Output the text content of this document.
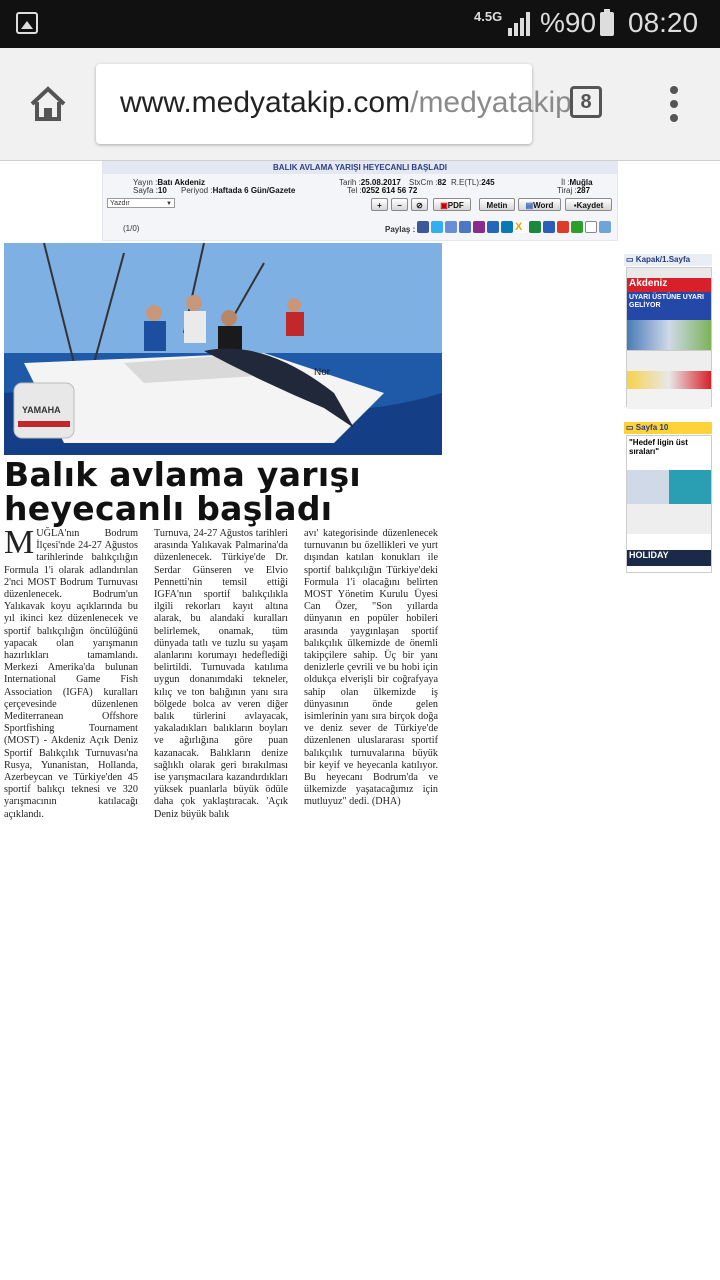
4.5G %90 08:20
www.medyatakip.com/medyatakip 8
BALIK AVLAMA YARIŞI HEYECANLI BAŞLADI
Yayın :Batı Akdeniz
Sayfa :10 Periyod :Haftada 6 Gün/Gazete
Tarih :25.08.2017 StxCm :82 R.E(TL):245
Tel :0252 614 56 72
İl :Muğla
Tiraj :287
Yazdır ▼	+	−	⊘	▣PDF	Metin	▤Word	▪Kaydet
(1/0)	Paylaş :	X
YAMAHA
Nor
Balık avlama yarışı
heyecanlı başladı
MUĞLA'nın Bodrum İlçesi'nde 24-27 Ağustos tarihlerinde balıkçılığın Formula 1'i olarak adlandırılan 2'nci MOST Bodrum Turnuvası düzenlenecek. Bodrum'un Yalıkavak koyu açıklarında bu yıl ikinci kez düzenlenecek ve sportif balıkçılığın öncülüğünü yapacak olan yarışmanın hazırlıkları tamamlandı. Merkezi Amerika'da bulunan International Game Fish Association (IGFA) kuralları çerçevesinde düzenlenen Mediterranean Offshore Sportfishing Tournament (MOST) - Akdeniz Açık Deniz Sportif Balıkçılık Turnuvası'na Rusya, Yunanistan, Hollanda, Azerbeycan ve Türkiye'den 45 sportif balıkçı teknesi ve 320 yarışmacının katılacağı açıklandı.
Turnuva, 24-27 Ağustos tarihleri arasında Yalıkavak Palmarina'da düzenlenecek. Türkiye'de Dr. Serdar Günseren ve Elvio Pennetti'nin temsil ettiği IGFA'nın sportif balıkçılıkla ilgili rekorları kayıt altına alarak, bu alandaki kuralları belirlemek, onamak, tüm dünyada tatlı ve tuzlu su yaşam alanlarını korumayı hedeflediği belirtildi. Turnuvada katılıma uygun donanımdaki tekneler, kılıç ve ton balığının yanı sıra bölgede bolca av veren diğer balık türlerini avlayacak, yakaladıkları balıkların boyları ve ağırlığına göre puan kazanacak. Balıkların denize sağlıklı olarak geri bırakılması ise yarışmacılara kazandırdıkları yüksek puanlarla büyük ödüle daha çok yaklaştıracak. 'Açık Deniz büyük balık
avı' kategorisinde düzenlenecek turnuvanın bu özellikleri ve yurt dışından katılan konukları ile sportif balıkçılığın Türkiye'deki Formula 1'i olacağını belirten MOST Yönetim Kurulu Üyesi Can Özer, "Son yıllarda dünyanın en popüler hobileri arasında yaygınlaşan sportif balıkçılık ülkemizde de önemli takipçilere sahip. Üç bir yanı denizlerle çevrili ve bu hobi için oldukça elverişli bir coğrafyaya sahip olan ülkemizde iş dünyasının önde gelen isimlerinin yanı sıra birçok doğa ve deniz sever de Türkiye'de düzenlenen uluslararası sportif balıkçılık turnuvalarına büyük bir keyif ve heyecanla katılıyor. Bu heyecanı Bodrum'da ve ülkemizde yaşatacağımız için mutluyuz" dedi. (DHA)
▭ Kapak/1.Sayfa
Akdeniz
UYARI ÜSTÜNE UYARI GELİYOR
▭ Sayfa 10
"Hedef ligin üst sıraları"
HOLIDAY
